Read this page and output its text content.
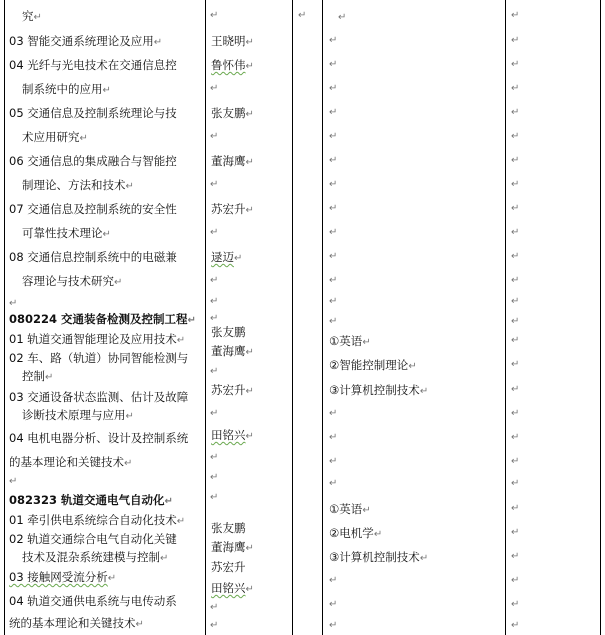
究↵
03 智能交通系统理论及应用↵
04 光纤与光电技术在交通信息控
制系统中的应用↵
05 交通信息及控制系统理论与技
术应用研究↵
06 交通信息的集成融合与智能控
制理论、方法和技术↵
07 交通信息及控制系统的安全性
可靠性技术理论↵
08 交通信息控制系统中的电磁兼
容理论与技术研究↵
↵
080224 交通装备检测及控制工程↵
01 轨道交通智能理论及应用技术↵
02 车、路（轨道）协同智能检测与
控制↵
03 交通设备状态监测、估计及故障
诊断技术原理与应用↵
04 电机电器分析、设计及控制系统
的基本理论和关键技术↵
↵
082323 轨道交通电气自动化↵
01 牵引供电系统综合自动化技术↵
02 轨道交通综合电气自动化关键
技术及混杂系统建模与控制↵
03 接触网受流分析↵
04 轨道交通供电系统与电传动系
统的基本理论和关键技术↵
↵
王晓明↵
鲁怀伟↵
↵
张友鹏↵
↵
董海鹰↵
↵
苏宏升↵
↵
逯迈↵
↵
↵
↵
张友鹏
董海鹰↵
↵
苏宏升↵
↵
田铭兴↵
↵
↵
↵
张友鹏
董海鹰↵
苏宏升
田铭兴↵
↵
↵
↵	↵
↵
↵
↵
↵
↵
↵
↵
↵
↵
↵
↵
↵
↵
①英语↵
②智能控制理论↵
③计算机控制技术↵
↵
↵
↵
↵
①英语↵
②电机学↵
③计算机控制技术↵
↵
↵
↵
↵
↵
↵
↵
↵
↵
↵
↵
↵
↵
↵
↵
↵
↵
↵
↵
↵
↵
↵
↵
↵
↵
↵
↵
↵
↵
↵
